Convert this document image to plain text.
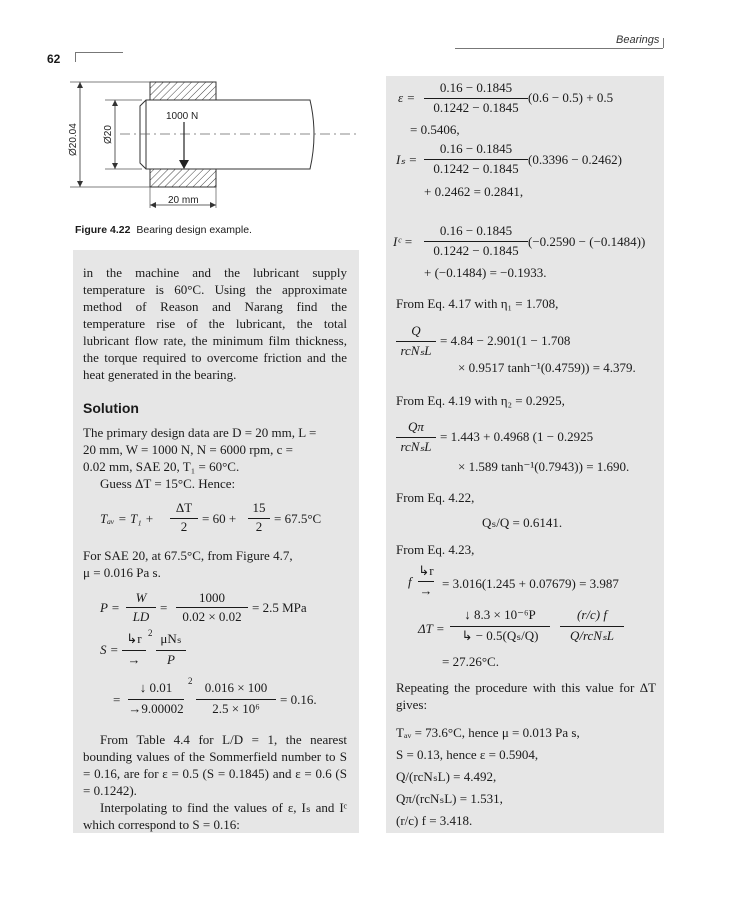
Bearings
62
1000 N
Ø20.04 Ø20
20 mm
Figure 4.22 Bearing design example.
in the machine and the lubricant supply temperature is 60°C. Using the approximate method of Reason and Narang find the temperature rise of the lubricant, the total lubricant flow rate, the minimum film thickness, the torque required to overcome friction and the heat generated in the bearing.
Solution
The primary design data are D = 20 mm, L =
20 mm, W = 1000 N, N = 6000 rpm, c =
0.02 mm, SAE 20, T₁ = 60°C.
Guess ΔT = 15°C. Hence:
Tₐᵥ = T₁ +
ΔT
2
= 60 +
15
2
= 67.5°C
For SAE 20, at 67.5°C, from Figure 4.7,
μ = 0.016 Pa s.
P =
W
LD
=
1000
0.02 × 0.02
= 2.5 MPa
S =
↳r
→
2 μNₛ
P
=
↓ 0.01
→9.00002
2 0.016 × 100
2.5 × 10⁶
= 0.16.
From Table 4.4 for L/D = 1, the nearest bounding values of the Sommerfield number to S = 0.16, are for ε = 0.5 (S = 0.1845) and ε = 0.6 (S = 0.1242).
Interpolating to find the values of ε, Iₛ and Iᶜ which correspond to S = 0.16:
ε =
0.16 − 0.1845
0.1242 − 0.1845
(0.6 − 0.5) + 0.5
= 0.5406,
Iₛ =
0.16 − 0.1845
0.1242 − 0.1845
(0.3396 − 0.2462)
+ 0.2462 = 0.2841,
Iᶜ =
0.16 − 0.1845
0.1242 − 0.1845
(−0.2590 − (−0.1484))
+ (−0.1484) = −0.1933.
From Eq. 4.17 with η₁ = 1.708,
Q
rcNₛL
= 4.84 − 2.901(1 − 1.708
× 0.9517 tanh⁻¹(0.4759)) = 4.379.
From Eq. 4.19 with η₂ = 0.2925,
Qπ
rcNₛL
= 1.443 + 0.4968 (1 − 0.2925
× 1.589 tanh⁻¹(0.7943)) = 1.690.
From Eq. 4.22,
Qₛ/Q = 0.6141.
From Eq. 4.23,
f
↳r
→ = 3.016(1.245 + 0.07679) = 3.987
ΔT =
↓ 8.3 × 10⁻⁶P
↳ − 0.5(Qₛ/Q)
(r/c) f
Q/rcNₛL
= 27.26°C.
Repeating the procedure with this value for ΔT gives:
Tₐᵥ = 73.6°C, hence μ = 0.013 Pa s,
S = 0.13, hence ε = 0.5904,
Q/(rcNₛL) = 4.492,
Qπ/(rcNₛL) = 1.531,
(r/c) f = 3.418.
